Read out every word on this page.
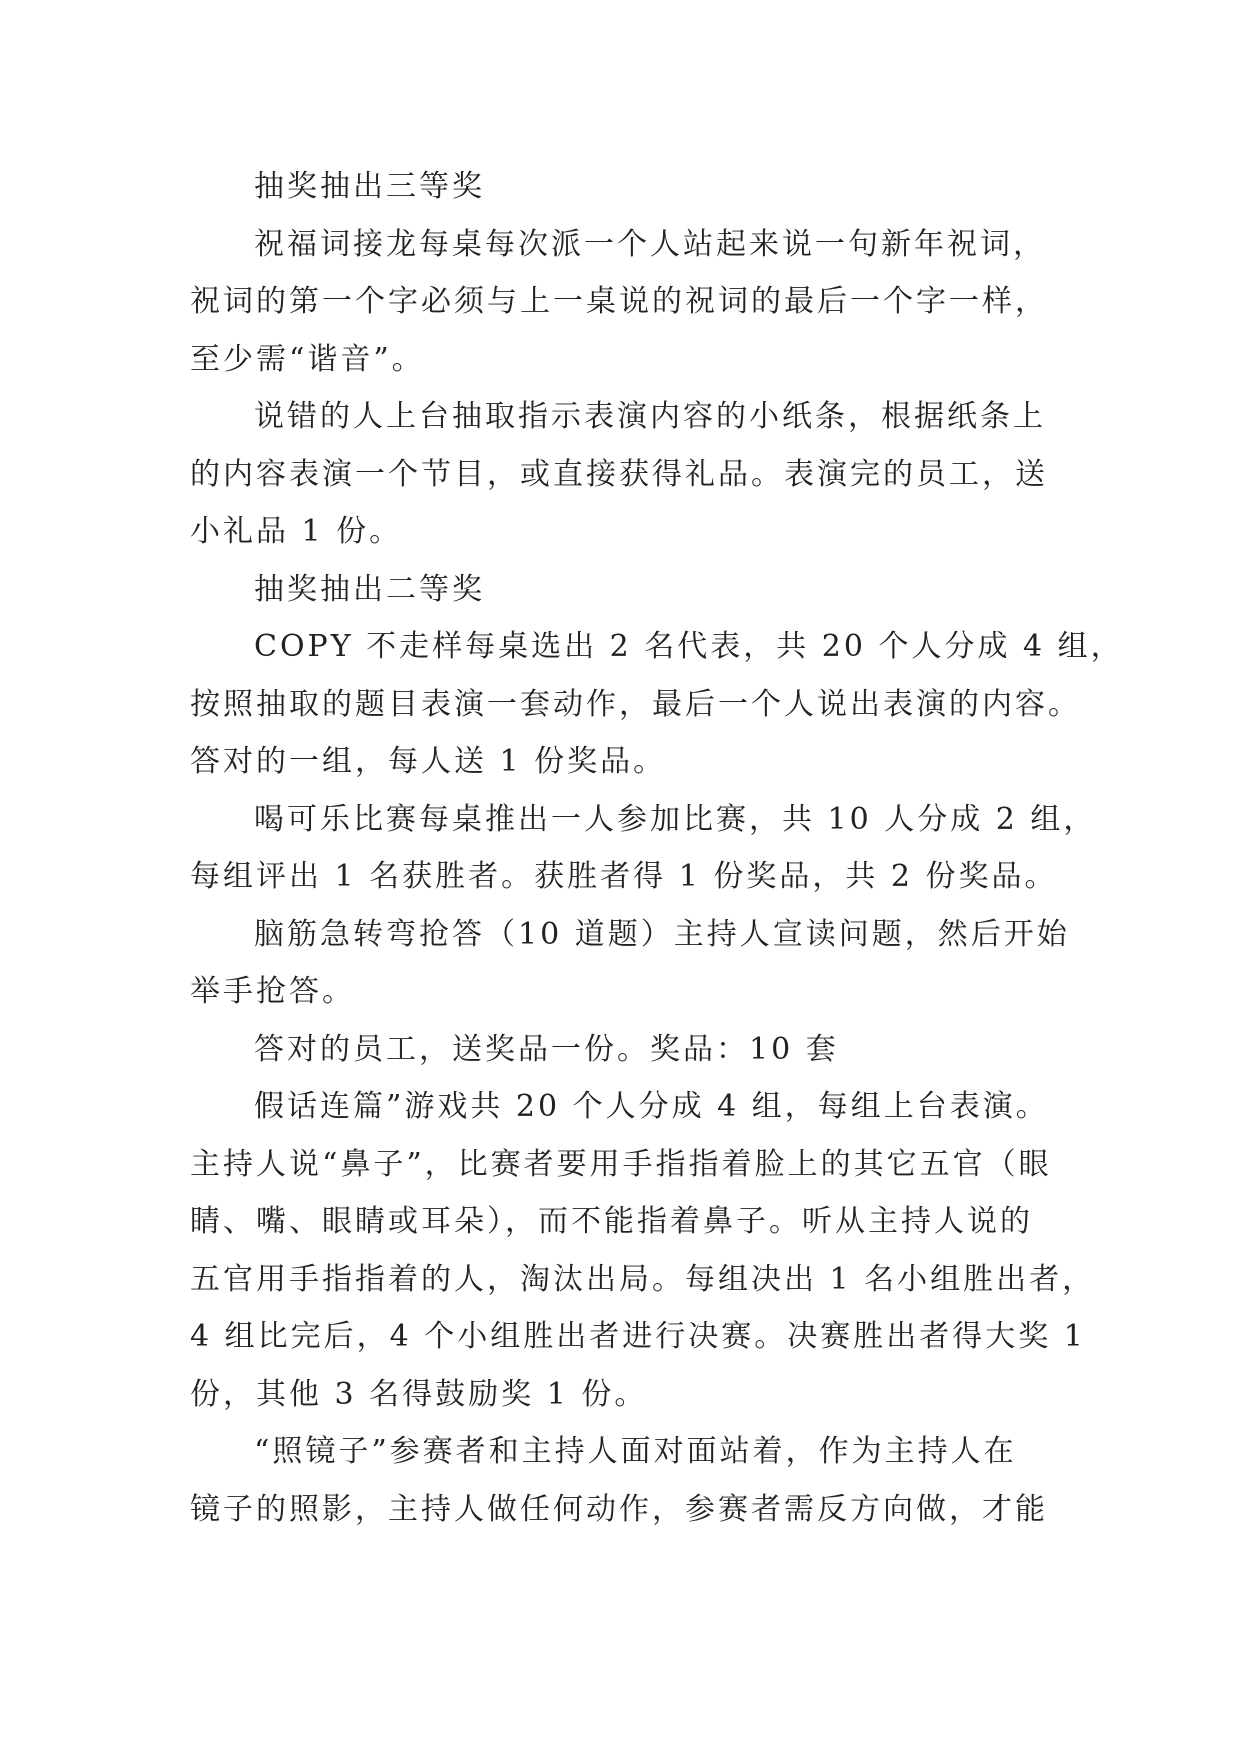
抽奖抽出三等奖
祝福词接龙每桌每次派一个人站起来说一句新年祝词，
祝词的第一个字必须与上一桌说的祝词的最后一个字一样，
至少需“谐音”。
说错的人上台抽取指示表演内容的小纸条，根据纸条上
的内容表演一个节目，或直接获得礼品。表演完的员工，送
小礼品 1 份。
抽奖抽出二等奖
COPY 不走样每桌选出 2 名代表，共 20 个人分成 4 组，
按照抽取的题目表演一套动作，最后一个人说出表演的内容。
答对的一组，每人送 1 份奖品。
喝可乐比赛每桌推出一人参加比赛，共 10 人分成 2 组，
每组评出 1 名获胜者。获胜者得 1 份奖品，共 2 份奖品。
脑筋急转弯抢答（10 道题）主持人宣读问题，然后开始
举手抢答。
答对的员工，送奖品一份。奖品：10 套
假话连篇”游戏共 20 个人分成 4 组，每组上台表演。
主持人说“鼻子”，比赛者要用手指指着脸上的其它五官（眼
睛、嘴、眼睛或耳朵），而不能指着鼻子。听从主持人说的
五官用手指指着的人，淘汰出局。每组决出 1 名小组胜出者，
4 组比完后，4 个小组胜出者进行决赛。决赛胜出者得大奖 1
份，其他 3 名得鼓励奖 1 份。
“照镜子”参赛者和主持人面对面站着，作为主持人在
镜子的照影，主持人做任何动作，参赛者需反方向做，才能
